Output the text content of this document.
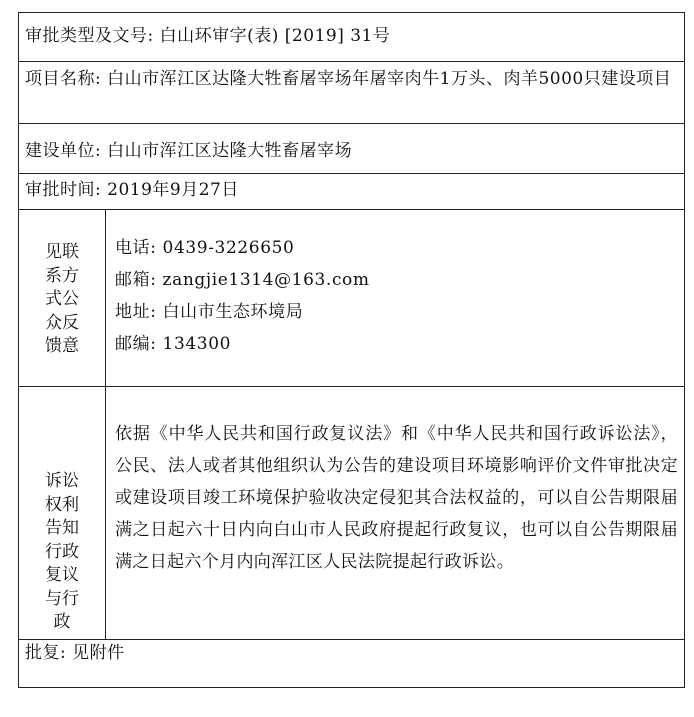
审批类型及文号: 白山环审字(表) [2019] 31号
项目名称: 白山市浑江区达隆大牲畜屠宰场年屠宰肉牛1万头、肉羊5000只建设项目
建设单位: 白山市浑江区达隆大牲畜屠宰场
审批时间: 2019年9月27日
见联系方式公众反馈意
电话: 0439-3226650
邮箱: zangjie1314@163.com
地址: 白山市生态环境局
邮编: 134300
诉讼权利告知行政复议与行政
依据《中华人民共和国行政复议法》和《中华人民共和国行政诉讼法》，公民、法人或者其他组织认为公告的建设项目环境影响评价文件审批决定或建设项目竣工环境保护验收决定侵犯其合法权益的，可以自公告期限届满之日起六十日内向白山市人民政府提起行政复议，也可以自公告期限届满之日起六个月内向浑江区人民法院提起行政诉讼。
批复: 见附件
